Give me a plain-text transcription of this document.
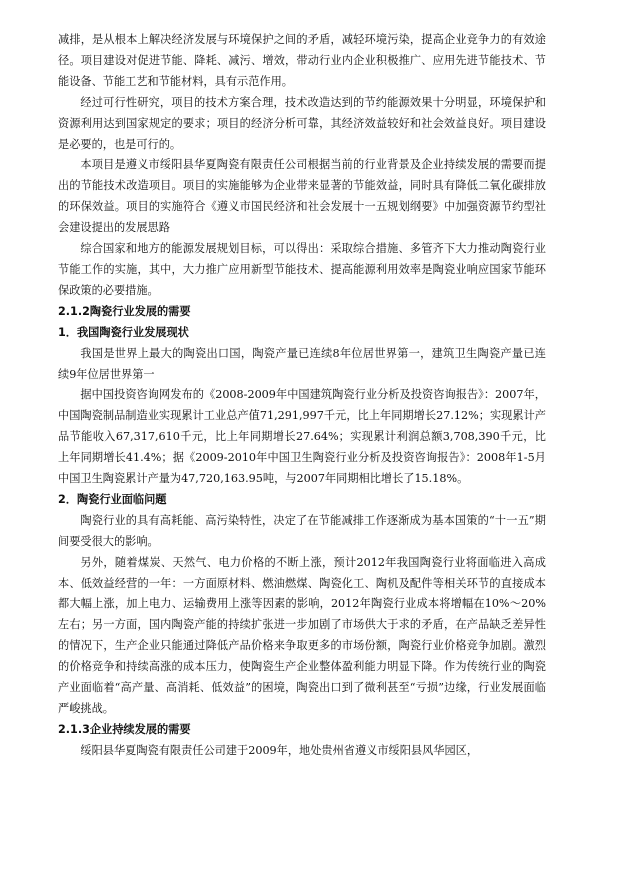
减排，是从根本上解决经济发展与环境保护之间的矛盾，减轻环境污染，提高企业竞争力的有效途径。项目建设对促进节能、降耗、减污、增效，带动行业内企业积极推广、应用先进节能技术、节能设备、节能工艺和节能材料，具有示范作用。

经过可行性研究，项目的技术方案合理，技术改造达到的节约能源效果十分明显，环境保护和资源利用达到国家规定的要求；项目的经济分析可靠，其经济效益较好和社会效益良好。项目建设是必要的，也是可行的。

本项目是遵义市绥阳县华夏陶瓷有限责任公司根据当前的行业背景及企业持续发展的需要而提出的节能技术改造项目。项目的实施能够为企业带来显著的节能效益，同时具有降低二氧化碳排放的环保效益。项目的实施符合《遵义市国民经济和社会发展十一五规划纲要》中加强资源节约型社会建设提出的发展思路

综合国家和地方的能源发展规划目标，可以得出：采取综合措施、多管齐下大力推动陶瓷行业节能工作的实施，其中，大力推广应用新型节能技术、提高能源利用效率是陶瓷业响应国家节能环保政策的必要措施。

2.1.2陶瓷行业发展的需要

1．我国陶瓷行业发展现状

我国是世界上最大的陶瓷出口国，陶瓷产量已连续8年位居世界第一，建筑卫生陶瓷产量已连续9年位居世界第一

据中国投资咨询网发布的《2008-2009年中国建筑陶瓷行业分析及投资咨询报告》：2007年，中国陶瓷制品制造业实现累计工业总产值71,291,997千元，比上年同期增长27.12%；实现累计产品节能收入67,317,610千元，比上年同期增长27.64%；实现累计利润总额3,708,390千元，比上年同期增长41.4%；据《2009-2010年中国卫生陶瓷行业分析及投资咨询报告》：2008年1-5月中国卫生陶瓷累计产量为47,720,163.95吨，与2007年同期相比增长了15.18%。

2．陶瓷行业面临问题

陶瓷行业的具有高耗能、高污染特性，决定了在节能减排工作逐渐成为基本国策的“十一五”期间要受很大的影响。

另外，随着煤炭、天然气、电力价格的不断上涨，预计2012年我国陶瓷行业将面临进入高成本、低效益经营的一年：一方面原材料、燃油燃煤、陶瓷化工、陶机及配件等相关环节的直接成本都大幅上涨，加上电力、运输费用上涨等因素的影响，2012年陶瓷行业成本将增幅在10%～20%左右；另一方面，国内陶瓷产能的持续扩张进一步加剧了市场供大于求的矛盾，在产品缺乏差异性的情况下，生产企业只能通过降低产品价格来争取更多的市场份额，陶瓷行业价格竞争加剧。激烈的价格竞争和持续高涨的成本压力，使陶瓷生产企业整体盈利能力明显下降。作为传统行业的陶瓷产业面临着“高产量、高消耗、低效益”的困境，陶瓷出口到了微利甚至“亏损”边缘，行业发展面临严峻挑战。

2.1.3企业持续发展的需要

绥阳县华夏陶瓷有限责任公司建于2009年，地处贵州省遵义市绥阳县风华园区，
